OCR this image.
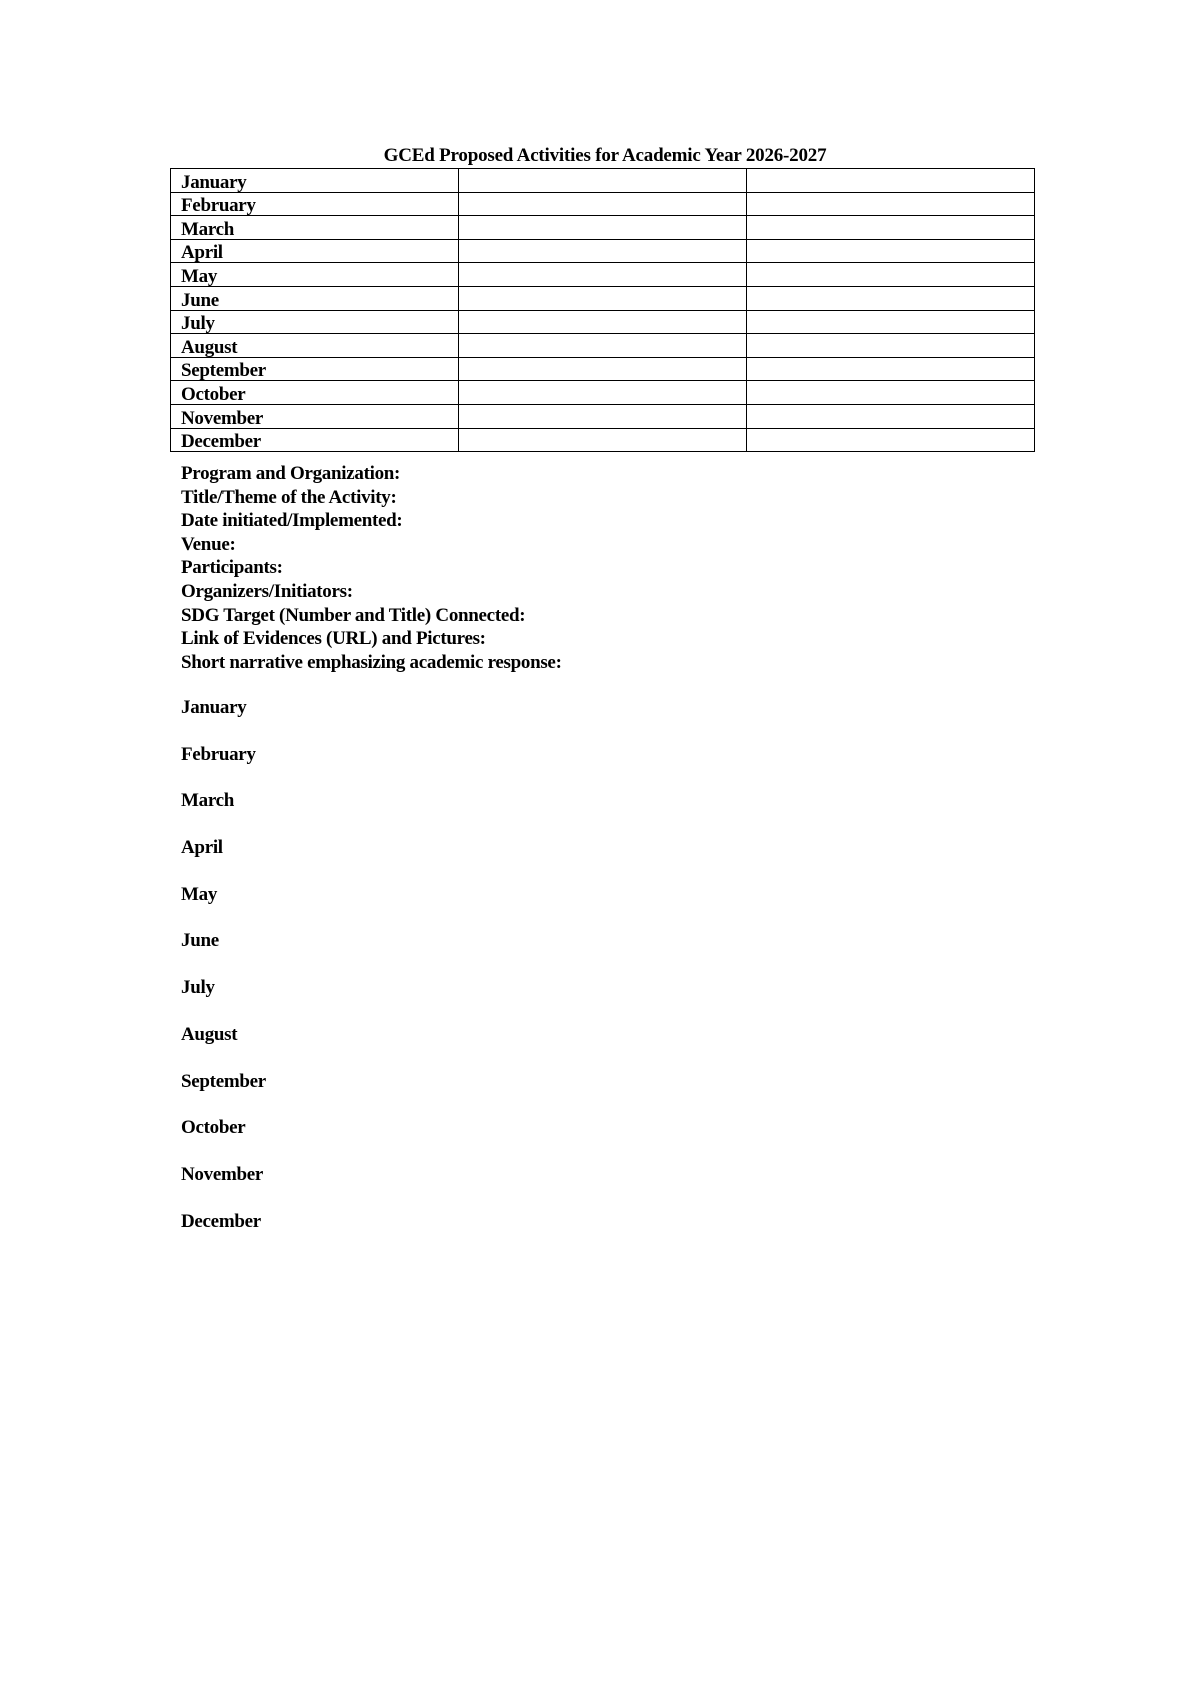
GCEd Proposed Activities for Academic Year 2026-2027
January		
February		
March		
April		
May		
June		
July		
August		
September		
October		
November		
December		
Program and Organization:
Title/Theme of the Activity:
Date initiated/Implemented:
Venue:
Participants:
Organizers/Initiators:
SDG Target (Number and Title) Connected:
Link of Evidences (URL) and Pictures:
Short narrative emphasizing academic response:
January
February
March
April
May
June
July
August
September
October
November
December
